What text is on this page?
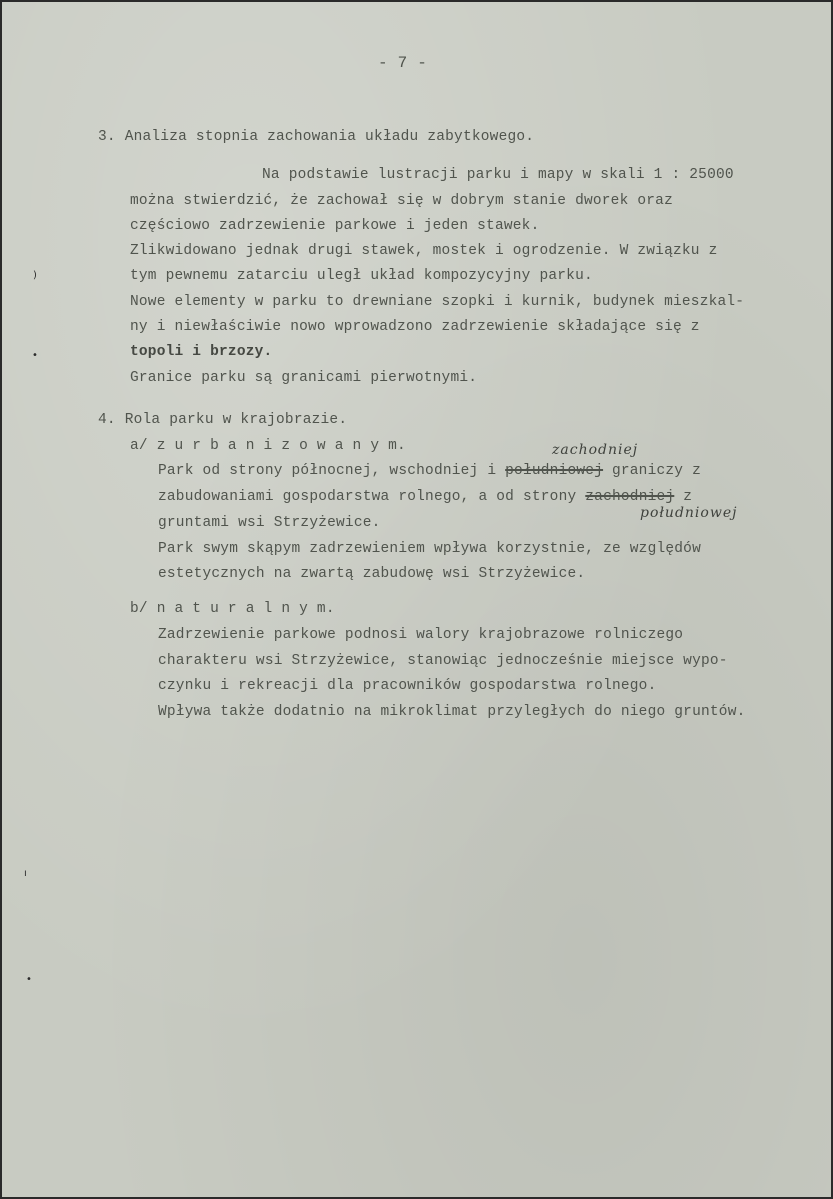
- 7 -
3. Analiza stopnia zachowania układu zabytkowego.
Na podstawie lustracji parku i mapy w skali 1 : 25000
można stwierdzić, że zachował się w dobrym stanie dworek oraz
częściowo zadrzewienie parkowe i jeden stawek.
Zlikwidowano jednak drugi stawek, mostek i ogrodzenie. W związku z
tym pewnemu zatarciu uległ układ kompozycyjny parku.
Nowe elementy w parku to drewniane szopki i kurnik, budynek mieszkal-
ny i niewłaściwie nowo wprowadzono zadrzewienie składające się z
topoli i brzozy.
Granice parku są granicami pierwotnymi.
4. Rola parku w krajobrazie.
a/ z u r b a n i z o w a n y m.	zachodniej
Park od strony północnej, wschodniej i południowej graniczy z
zabudowaniami gospodarstwa rolnego, a od strony zachodniej z
południowej
gruntami wsi Strzyżewice.
Park swym skąpym zadrzewieniem wpływa korzystnie, ze względów
estetycznych na zwartą zabudowę wsi Strzyżewice.
b/ n a t u r a l n y m.
Zadrzewienie parkowe podnosi walory krajobrazowe rolniczego
charakteru wsi Strzyżewice, stanowiąc jednocześnie miejsce wypo-
czynku i rekreacji dla pracowników gospodarstwa rolnego.
Wpływa także dodatnio na mikroklimat przyległych do niego gruntów.
)
•
ı
•
